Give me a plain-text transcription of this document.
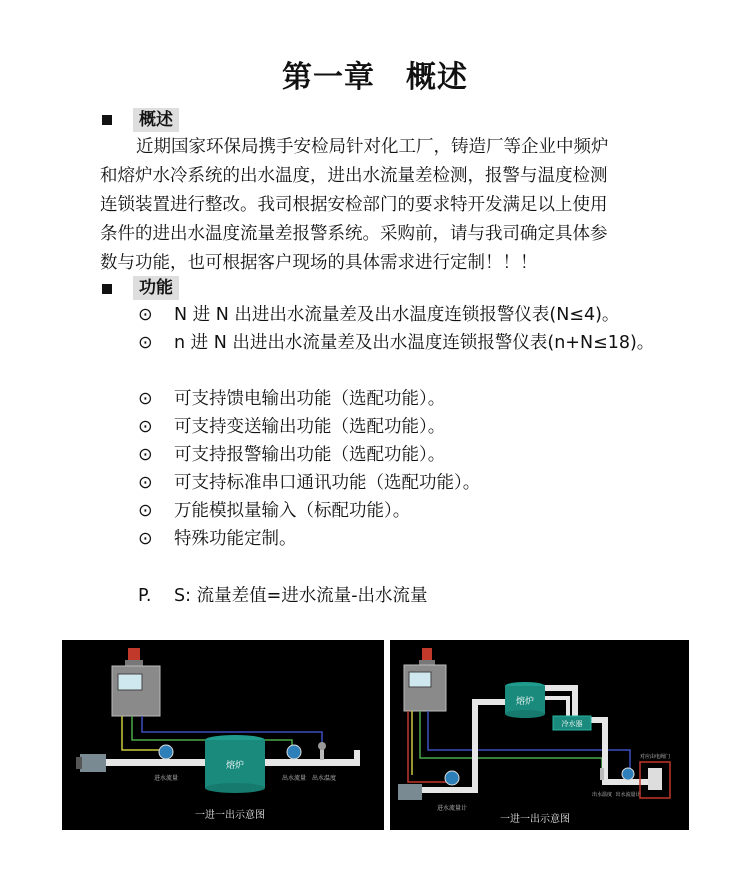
第一章　概述
概述
近期国家环保局携手安检局针对化工厂，铸造厂等企业中频炉
和熔炉水冷系统的出水温度，进出水流量差检测，报警与温度检测
连锁装置进行整改。我司根据安检部门的要求特开发满足以上使用
条件的进出水温度流量差报警系统。采购前，请与我司确定具体参
数与功能，也可根据客户现场的具体需求进行定制！！！
功能
⊙	N 进 N 出进出水流量差及出水温度连锁报警仪表(N≤4)。
⊙	n 进 N 出进出水流量差及出水温度连锁报警仪表(n+N≤18)。
⊙	可支持馈电输出功能（选配功能）。
⊙	可支持变送输出功能（选配功能）。
⊙	可支持报警输出功能（选配功能）。
⊙	可支持标准串口通讯功能（选配功能）。
⊙	万能模拟量输入（标配功能）。
⊙	特殊功能定制。
P. S: 流量差值=进水流量-出水流量
熔炉
进水流量	出水流量 出水温度
一进一出示意图
熔炉
冷水器
进水流量计
出水温度 出水流量计
对应由电阀门
一进一出示意图
